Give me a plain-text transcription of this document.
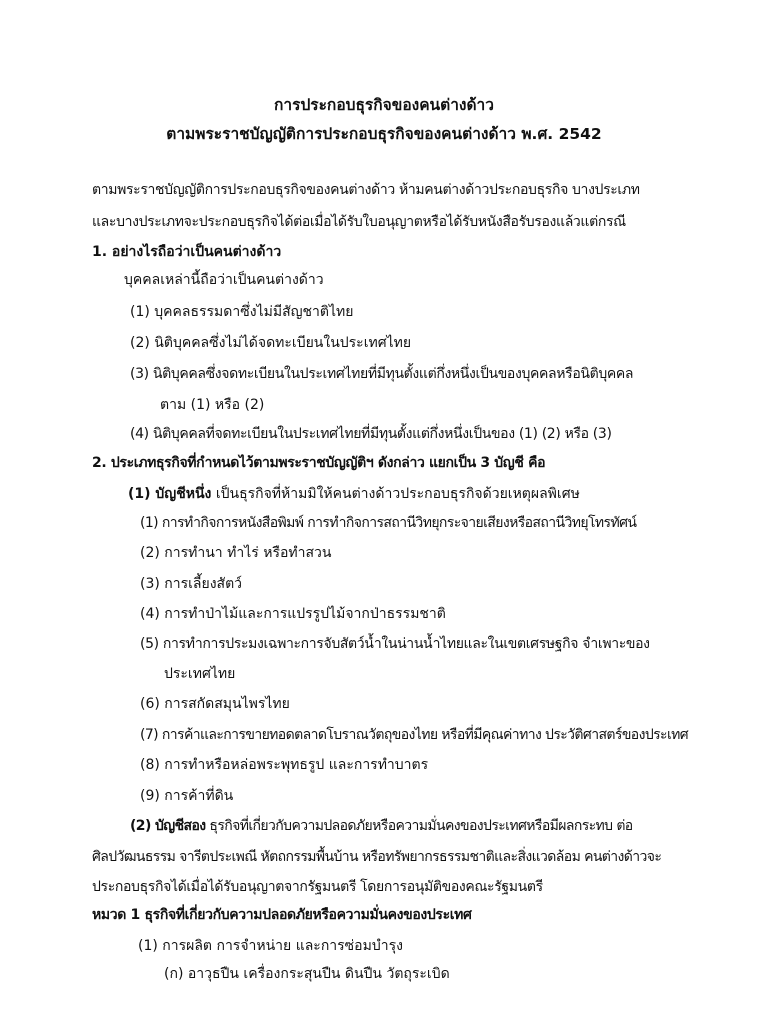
การประกอบธุรกิจของคนต่างด้าว
ตามพระราชบัญญัติการประกอบธุรกิจของคนต่างด้าว พ.ศ. 2542
ตามพระราชบัญญัติการประกอบธุรกิจของคนต่างด้าว ห้ามคนต่างด้าวประกอบธุรกิจ บางประเภท
และบางประเภทจะประกอบธุรกิจได้ต่อเมื่อได้รับใบอนุญาตหรือได้รับหนังสือรับรองแล้วแต่กรณี
1. อย่างไรถือว่าเป็นคนต่างด้าว
บุคคลเหล่านี้ถือว่าเป็นคนต่างด้าว
(1) บุคคลธรรมดาซึ่งไม่มีสัญชาติไทย
(2) นิติบุคคลซึ่งไม่ได้จดทะเบียนในประเทศไทย
(3) นิติบุคคลซึ่งจดทะเบียนในประเทศไทยที่มีทุนตั้งแต่กึ่งหนึ่งเป็นของบุคคลหรือนิติบุคคล
ตาม (1) หรือ (2)
(4) นิติบุคคลที่จดทะเบียนในประเทศไทยที่มีทุนตั้งแต่กึ่งหนึ่งเป็นของ (1) (2) หรือ (3)
2. ประเภทธุรกิจที่กำหนดไว้ตามพระราชบัญญัติฯ ดังกล่าว แยกเป็น 3 บัญชี คือ
(1) บัญชีหนึ่ง เป็นธุรกิจที่ห้ามมิให้คนต่างด้าวประกอบธุรกิจด้วยเหตุผลพิเศษ
(1) การทำกิจการหนังสือพิมพ์ การทำกิจการสถานีวิทยุกระจายเสียงหรือสถานีวิทยุโทรทัศน์
(2) การทำนา ทำไร่ หรือทำสวน
(3) การเลี้ยงสัตว์
(4) การทำป่าไม้และการแปรรูปไม้จากป่าธรรมชาติ
(5) การทำการประมงเฉพาะการจับสัตว์น้ำในน่านน้ำไทยและในเขตเศรษฐกิจ จำเพาะของ
ประเทศไทย
(6) การสกัดสมุนไพรไทย
(7) การค้าและการขายทอดตลาดโบราณวัตถุของไทย หรือที่มีคุณค่าทาง ประวัติศาสตร์ของประเทศ
(8) การทำหรือหล่อพระพุทธรูป และการทำบาตร
(9) การค้าที่ดิน
(2) บัญชีสอง ธุรกิจที่เกี่ยวกับความปลอดภัยหรือความมั่นคงของประเทศหรือมีผลกระทบ ต่อ
ศิลปวัฒนธรรม จารีตประเพณี หัตถกรรมพื้นบ้าน หรือทรัพยากรธรรมชาติและสิ่งแวดล้อม คนต่างด้าวจะ
ประกอบธุรกิจได้เมื่อได้รับอนุญาตจากรัฐมนตรี โดยการอนุมัติของคณะรัฐมนตรี
หมวด 1 ธุรกิจที่เกี่ยวกับความปลอดภัยหรือความมั่นคงของประเทศ
(1) การผลิต การจำหน่าย และการซ่อมบำรุง
(ก) อาวุธปืน เครื่องกระสุนปืน ดินปืน วัตถุระเบิด
